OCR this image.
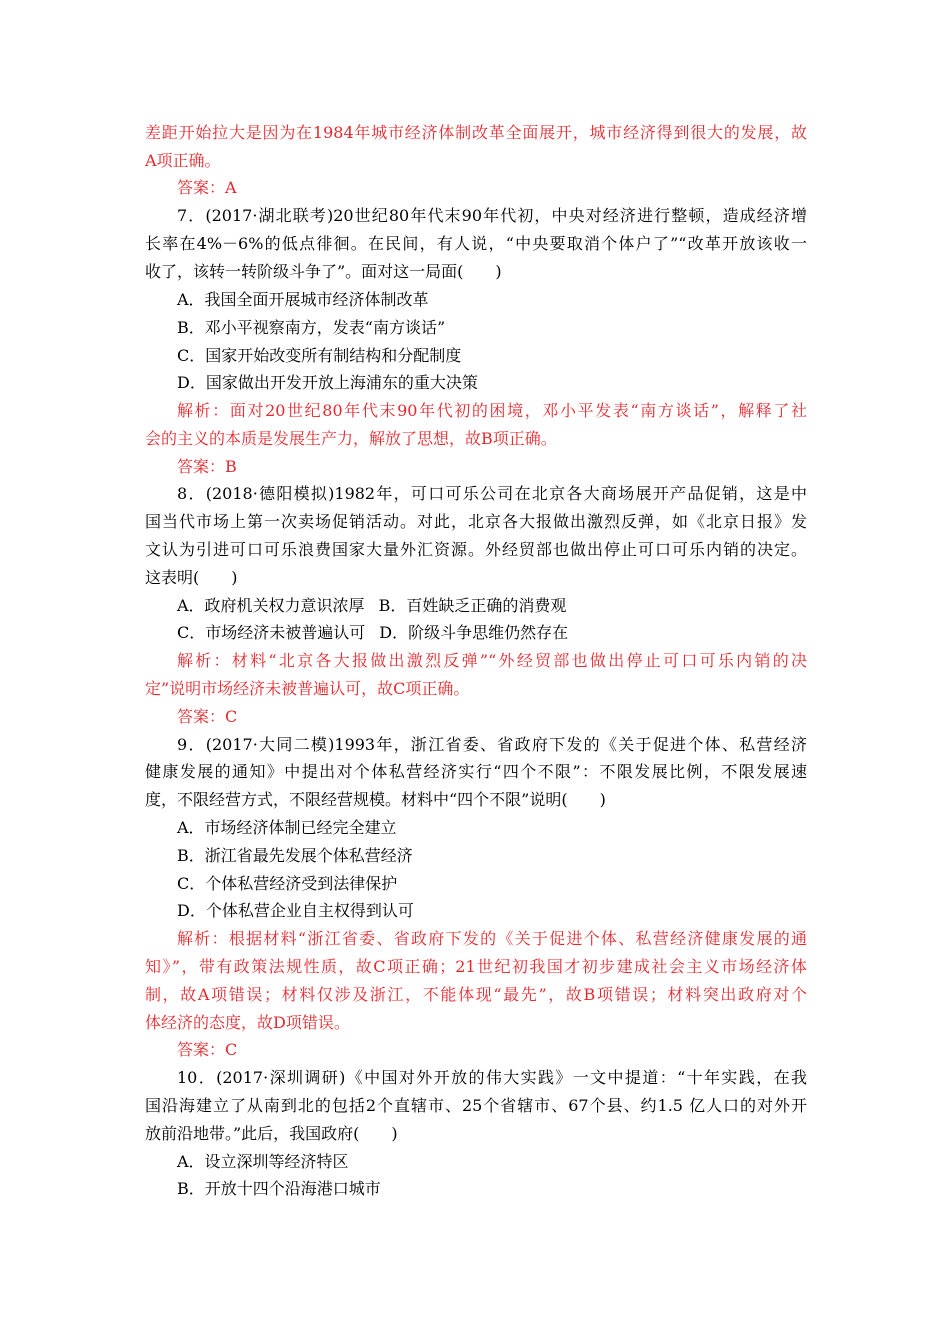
差距开始拉大是因为在1984年城市经济体制改革全面展开，城市经济得到很大的发展，故
A项正确。
答案：A
7．(2017·湖北联考)20世纪80年代末90年代初，中央对经济进行整顿，造成经济增
长率在4%－6%的低点徘徊。在民间，有人说，“中央要取消个体户了”“改革开放该收一
收了，该转一转阶级斗争了”。面对这一局面(　　)
A．我国全面开展城市经济体制改革
B．邓小平视察南方，发表“南方谈话”
C．国家开始改变所有制结构和分配制度
D．国家做出开发开放上海浦东的重大决策
解析：面对20世纪80年代末90年代初的困境，邓小平发表“南方谈话”，解释了社
会的主义的本质是发展生产力，解放了思想，故B项正确。
答案：B
8．(2018·德阳模拟)1982年，可口可乐公司在北京各大商场展开产品促销，这是中
国当代市场上第一次卖场促销活动。对此，北京各大报做出激烈反弹，如《北京日报》发
文认为引进可口可乐浪费国家大量外汇资源。外经贸部也做出停止可口可乐内销的决定。
这表明(　　)
A．政府机关权力意识浓厚 B．百姓缺乏正确的消费观
C．市场经济未被普遍认可 D．阶级斗争思维仍然存在
解析：材料“北京各大报做出激烈反弹”“外经贸部也做出停止可口可乐内销的决
定”说明市场经济未被普遍认可，故C项正确。
答案：C
9．(2017·大同二模)1993年，浙江省委、省政府下发的《关于促进个体、私营经济
健康发展的通知》中提出对个体私营经济实行“四个不限”：不限发展比例，不限发展速
度，不限经营方式，不限经营规模。材料中“四个不限”说明(　　)
A．市场经济体制已经完全建立
B．浙江省最先发展个体私营经济
C．个体私营经济受到法律保护
D．个体私营企业自主权得到认可
解析：根据材料“浙江省委、省政府下发的《关于促进个体、私营经济健康发展的通
知》”，带有政策法规性质，故C项正确；21世纪初我国才初步建成社会主义市场经济体
制，故A项错误；材料仅涉及浙江，不能体现“最先”，故B项错误；材料突出政府对个
体经济的态度，故D项错误。
答案：C
10．(2017·深圳调研)《中国对外开放的伟大实践》一文中提道：“十年实践，在我
国沿海建立了从南到北的包括2个直辖市、25个省辖市、67个县、约1.5 亿人口的对外开
放前沿地带。”此后，我国政府(　　)
A．设立深圳等经济特区
B．开放十四个沿海港口城市
